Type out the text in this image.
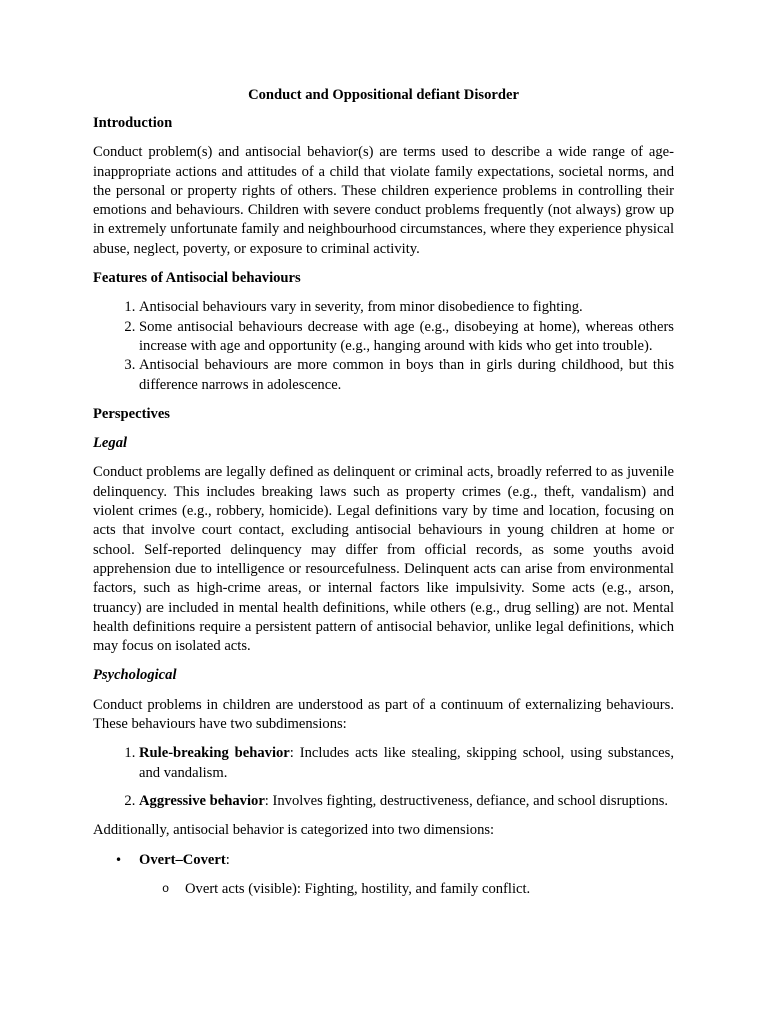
Conduct and Oppositional defiant Disorder
Introduction

Conduct problem(s) and antisocial behavior(s) are terms used to describe a wide range of age-inappropriate actions and attitudes of a child that violate family expectations, societal norms, and the personal or property rights of others. These children experience problems in controlling their emotions and behaviours. Children with severe conduct problems frequently (not always) grow up in extremely unfortunate family and neighbourhood circumstances, where they experience physical abuse, neglect, poverty, or exposure to criminal activity.

Features of Antisocial behaviours
1. Antisocial behaviours vary in severity, from minor disobedience to fighting.
2. Some antisocial behaviours decrease with age (e.g., disobeying at home), whereas others increase with age and opportunity (e.g., hanging around with kids who get into trouble).
3. Antisocial behaviours are more common in boys than in girls during childhood, but this difference narrows in adolescence.
Perspectives
Legal

Conduct problems are legally defined as delinquent or criminal acts, broadly referred to as juvenile delinquency. This includes breaking laws such as property crimes (e.g., theft, vandalism) and violent crimes (e.g., robbery, homicide). Legal definitions vary by time and location, focusing on acts that involve court contact, excluding antisocial behaviours in young children at home or school. Self-reported delinquency may differ from official records, as some youths avoid apprehension due to intelligence or resourcefulness. Delinquent acts can arise from environmental factors, such as high-crime areas, or internal factors like impulsivity. Some acts (e.g., arson, truancy) are included in mental health definitions, while others (e.g., drug selling) are not. Mental health definitions require a persistent pattern of antisocial behavior, unlike legal definitions, which may focus on isolated acts.

Psychological

Conduct problems in children are understood as part of a continuum of externalizing behaviours. These behaviours have two subdimensions:

1. Rule-breaking behavior: Includes acts like stealing, skipping school, using substances, and vandalism.
2. Aggressive behavior: Involves fighting, destructiveness, defiance, and school disruptions.

Additionally, antisocial behavior is categorized into two dimensions:

• Overt–Covert:
o Overt acts (visible): Fighting, hostility, and family conflict.
